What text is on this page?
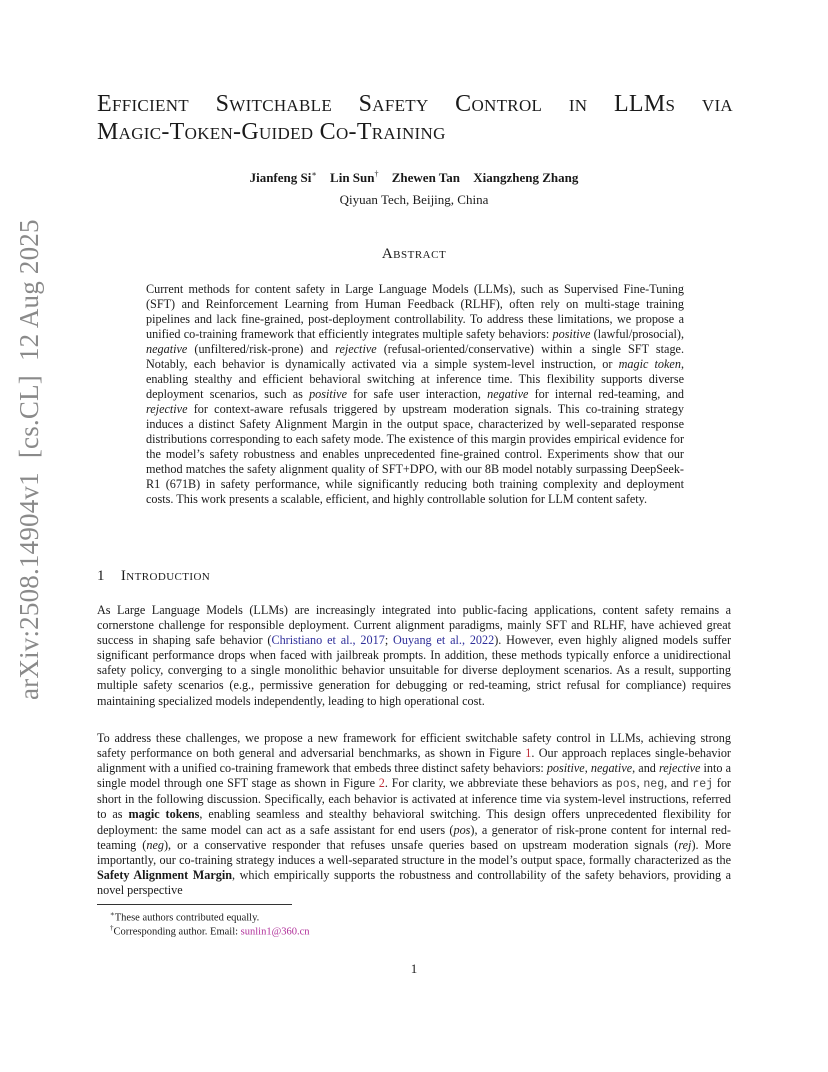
arXiv:2508.14904v1[cs.CL]12 Aug 2025
Efficient Switchable Safety Control in LLMs via
Magic-Token-Guided Co-Training
Jianfeng Si∗ Lin Sun† Zhewen Tan Xiangzheng Zhang
Qiyuan Tech, Beijing, China
Abstract

Current methods for content safety in Large Language Models (LLMs), such as Supervised Fine-Tuning (SFT) and Reinforcement Learning from Human Feedback (RLHF), often rely on multi-stage training pipelines and lack fine-grained, post-deployment controllability. To address these limitations, we propose a unified co-training framework that efficiently integrates multiple safety behaviors: positive (lawful/prosocial), negative (unfiltered/risk-prone) and rejective (refusal-oriented/conservative) within a single SFT stage. Notably, each behavior is dynamically activated via a simple system-level instruction, or magic token, enabling stealthy and efficient behavioral switching at inference time. This flexibility supports diverse deployment scenarios, such as positive for safe user interaction, negative for internal red-teaming, and rejective for context-aware refusals triggered by upstream moderation signals. This co-training strategy induces a distinct Safety Alignment Margin in the output space, characterized by well-separated response distributions corresponding to each safety mode. The existence of this margin provides empirical evidence for the model’s safety robustness and enables unprecedented fine-grained control. Experiments show that our method matches the safety alignment quality of SFT+DPO, with our 8B model notably surpassing DeepSeek-R1 (671B) in safety performance, while significantly reducing both training complexity and deployment costs. This work presents a scalable, efficient, and highly controllable solution for LLM content safety.

1 Introduction

As Large Language Models (LLMs) are increasingly integrated into public-facing applications, content safety remains a cornerstone challenge for responsible deployment. Current alignment paradigms, mainly SFT and RLHF, have achieved great success in shaping safe behavior (Christiano et al., 2017; Ouyang et al., 2022). However, even highly aligned models suffer significant performance drops when faced with jailbreak prompts. In addition, these methods typically enforce a unidirectional safety policy, converging to a single monolithic behavior unsuitable for diverse deployment scenarios. As a result, supporting multiple safety scenarios (e.g., permissive generation for debugging or red-teaming, strict refusal for compliance) requires maintaining specialized models independently, leading to high operational cost.

To address these challenges, we propose a new framework for efficient switchable safety control in LLMs, achieving strong safety performance on both general and adversarial benchmarks, as shown in Figure 1. Our approach replaces single-behavior alignment with a unified co-training framework that embeds three distinct safety behaviors: positive, negative, and rejective into a single model through one SFT stage as shown in Figure 2. For clarity, we abbreviate these behaviors as pos, neg, and rej for short in the following discussion. Specifically, each behavior is activated at inference time via system-level instructions, referred to as magic tokens, enabling seamless and stealthy behavioral switching. This design offers unprecedented flexibility for deployment: the same model can act as a safe assistant for end users (pos), a generator of risk-prone content for internal red-teaming (neg), or a conservative responder that refuses unsafe queries based on upstream moderation signals (rej). More importantly, our co-training strategy induces a well-separated structure in the model’s output space, formally characterized as the Safety Alignment Margin, which empirically supports the robustness and controllability of the safety behaviors, providing a novel perspective

∗These authors contributed equally.
†Corresponding author. Email: sunlin1@360.cn
1
